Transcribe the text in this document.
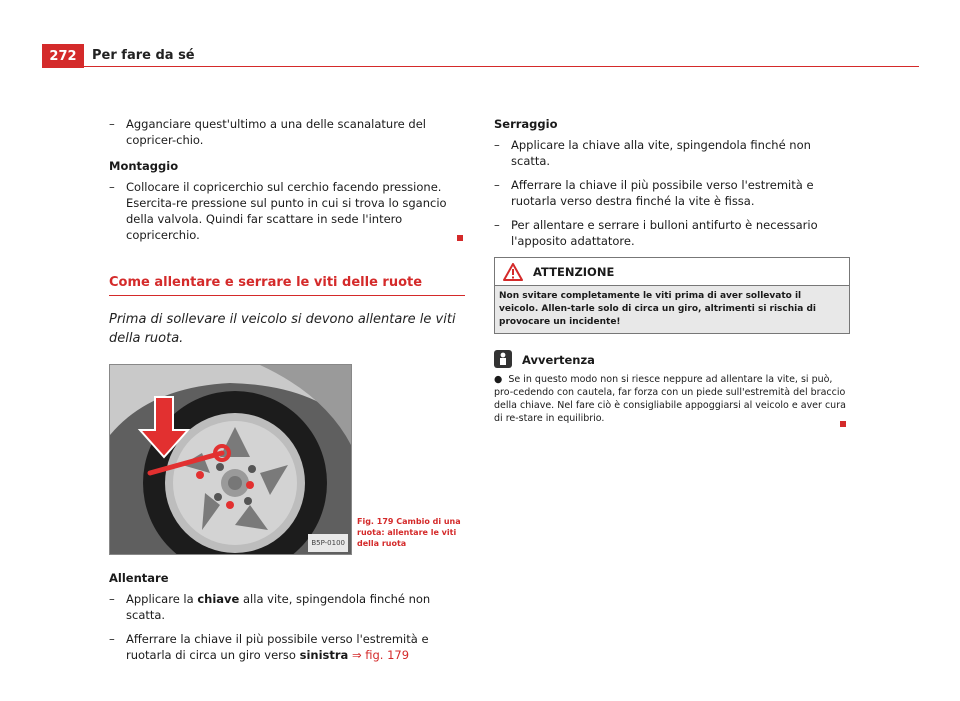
272	Per fare da sé
– Agganciare quest'ultimo a una delle scanalature del copricer-chio.
Montaggio
– Collocare il copricerchio sul cerchio facendo pressione. Esercita-re pressione sul punto in cui si trova lo sgancio della valvola. Quindi far scattare in sede l'intero copricerchio.
Come allentare e serrare le viti delle ruote
Prima di sollevare il veicolo si devono allentare le viti della ruota.
B5P-0100
Fig. 179 Cambio di una ruota: allentare le viti della ruota
Allentare
– Applicare la chiave alla vite, spingendola finché non scatta.
– Afferrare la chiave il più possibile verso l'estremità e ruotarla di circa un giro verso sinistra ⇒ fig. 179
Serraggio
– Applicare la chiave alla vite, spingendola finché non scatta.
– Afferrare la chiave il più possibile verso l'estremità e ruotarla verso destra finché la vite è fissa.
– Per allentare e serrare i bulloni antifurto è necessario l'apposito adattatore.
ATTENZIONE
Non svitare completamente le viti prima di aver sollevato il veicolo. Allen-tarle solo di circa un giro, altrimenti si rischia di provocare un incidente!
Avvertenza
●  Se in questo modo non si riesce neppure ad allentare la vite, si può, pro-cedendo con cautela, far forza con un piede sull'estremità del braccio della chiave. Nel fare ciò è consigliabile appoggiarsi al veicolo e aver cura di re-stare in equilibrio.
